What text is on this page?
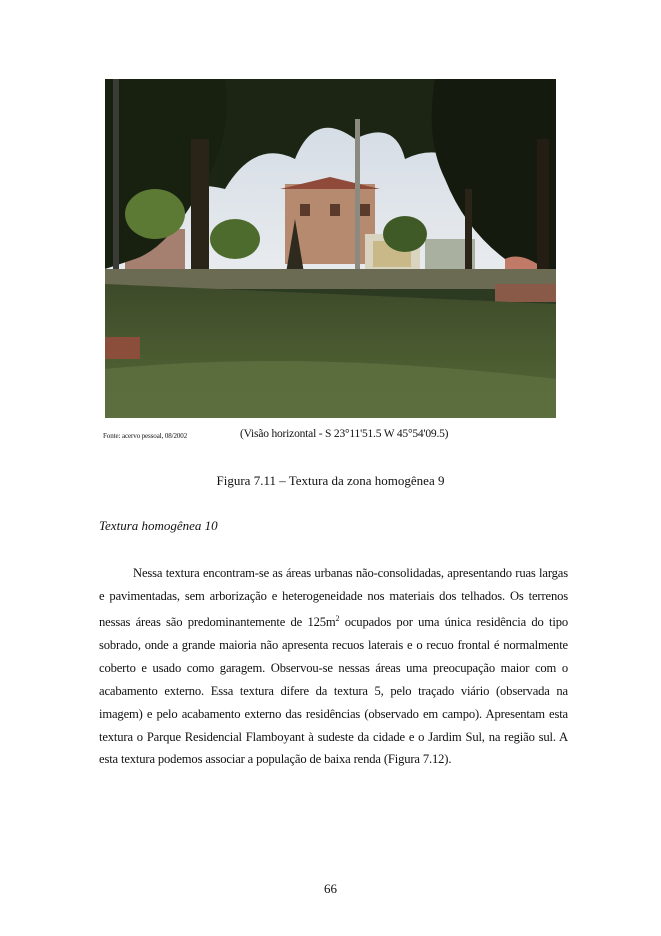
Fonte: acervo pessoal, 08/2002	(Visão horizontal - S 23°11'51.5 W 45°54'09.5)
Figura 7.11 – Textura da zona homogênea 9
Textura homogênea 10

Nessa textura encontram-se as áreas urbanas não-consolidadas, apresentando ruas largas e pavimentadas, sem arborização e heterogeneidade nos materiais dos telhados. Os terrenos nessas áreas são predominantemente de $125m^2$ ocupados por uma única residência do tipo sobrado, onde a grande maioria não apresenta recuos laterais e o recuo frontal é normalmente coberto e usado como garagem. Observou-se nessas áreas uma preocupação maior com o acabamento externo. Essa textura difere da textura 5, pelo traçado viário (observada na imagem) e pelo acabamento externo das residências (observado em campo). Apresentam esta textura o Parque Residencial Flamboyant à sudeste da cidade e o Jardim Sul, na região sul. A esta textura podemos associar a população de baixa renda (Figura 7.12).

66
